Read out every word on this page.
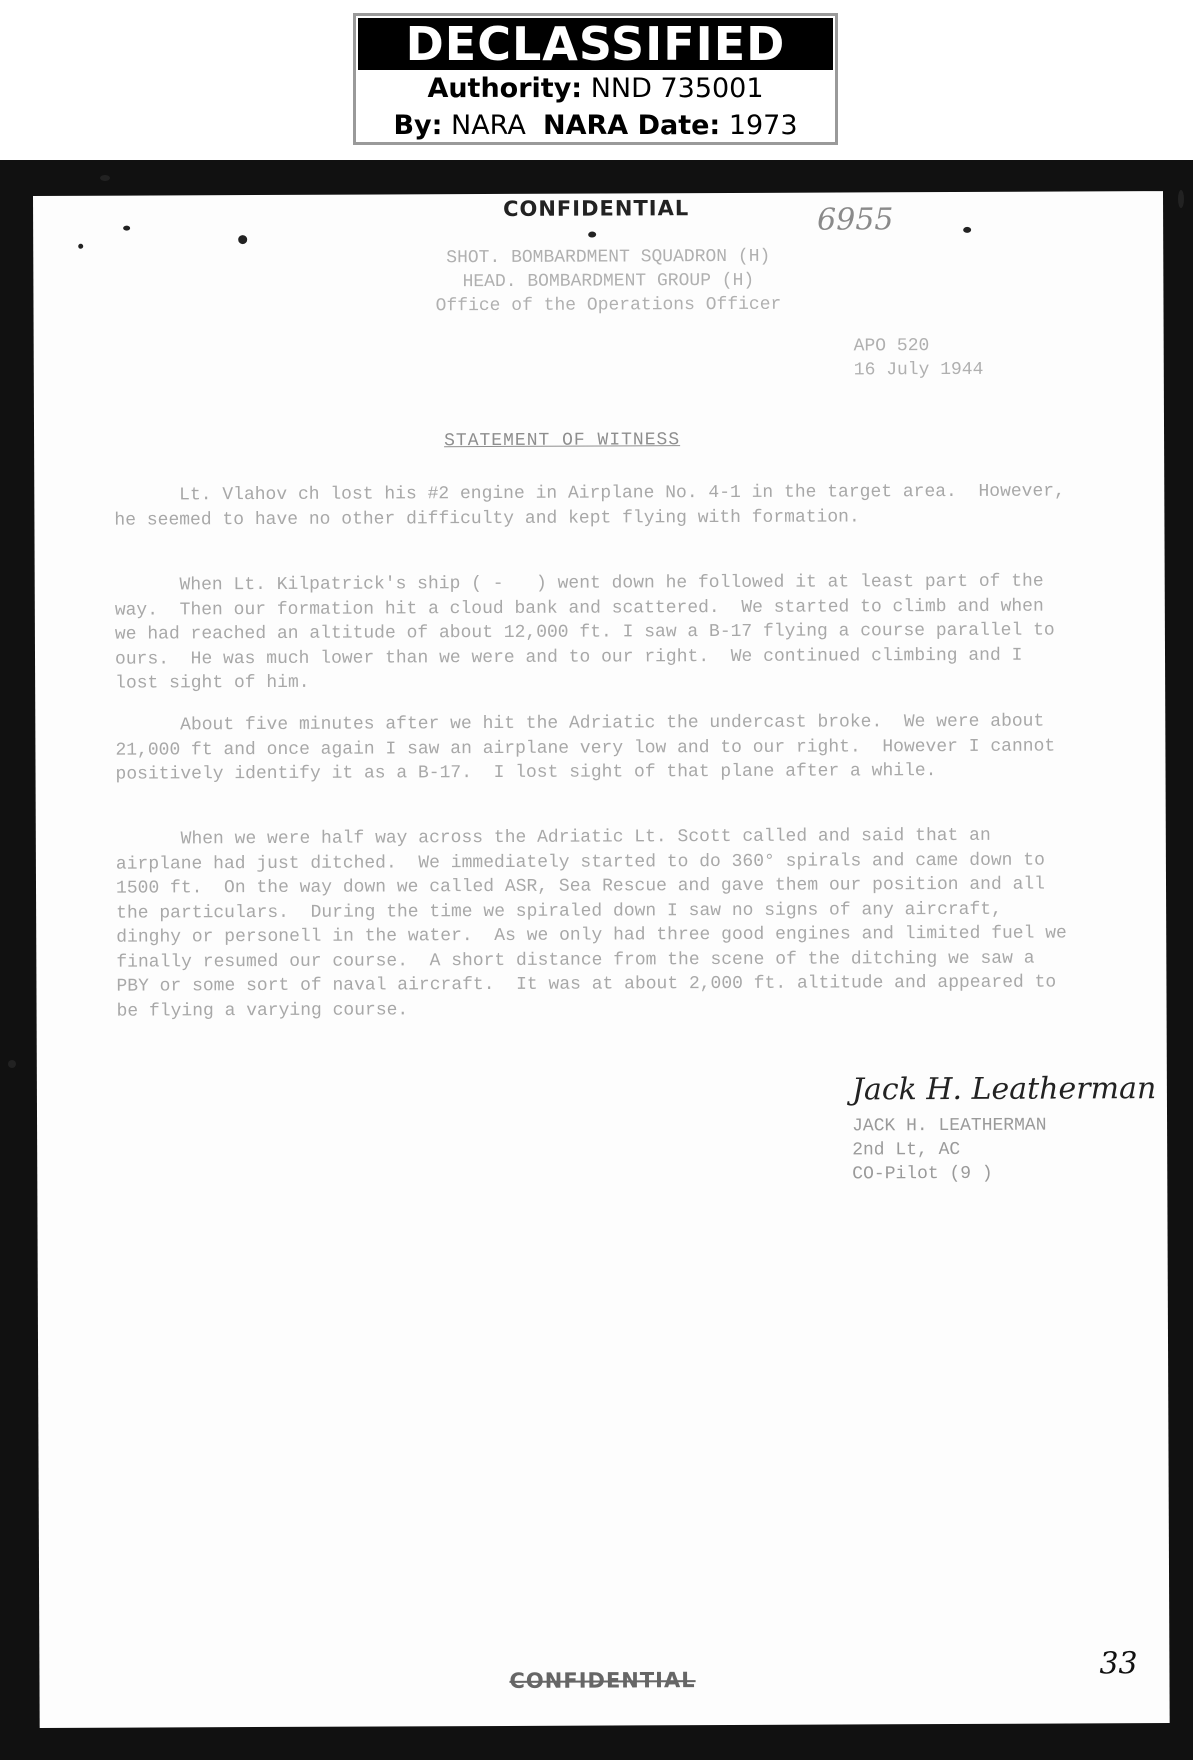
DECLASSIFIED
Authority: NND 735001
By: NARA NARA Date: 1973
CONFIDENTIAL	6955
SHOT. BOMBARDMENT SQUADRON (H)
HEAD. BOMBARDMENT GROUP (H)
Office of the Operations Officer
APO 520
16 July 1944
STATEMENT OF WITNESS

Lt. Vlahov ch lost his #2 engine in Airplane No. 4-1 in the target area.  However, he seemed to have no other difficulty and kept flying with formation.

When Lt. Kilpatrick's ship ( -   ) went down he followed it at least part of the way.  Then our formation hit a cloud bank and scattered.  We started to climb and when we had reached an altitude of about 12,000 ft. I saw a B-17 flying a course parallel to ours.  He was much lower than we were and to our right.  We continued climbing and I lost sight of him.

About five minutes after we hit the Adriatic the undercast broke.  We were about 21,000 ft and once again I saw an airplane very low and to our right.  However I cannot positively identify it as a B-17.  I lost sight of that plane after a while.

When we were half way across the Adriatic Lt. Scott called and said that an airplane had just ditched.  We immediately started to do 360° spirals and came down to 1500 ft.  On the way down we called ASR, Sea Rescue and gave them our position and all the particulars.  During the time we spiraled down I saw no signs of any aircraft, dinghy or personell in the water.  As we only had three good engines and limited fuel we finally resumed our course.  A short distance from the scene of the ditching we saw a PBY or some sort of naval aircraft.  It was at about 2,000 ft. altitude and appeared to be flying a varying course.

Jack H. Leatherman
JACK H. LEATHERMAN
2nd Lt, AC
CO-Pilot (9 )
CONFIDENTIAL	33
